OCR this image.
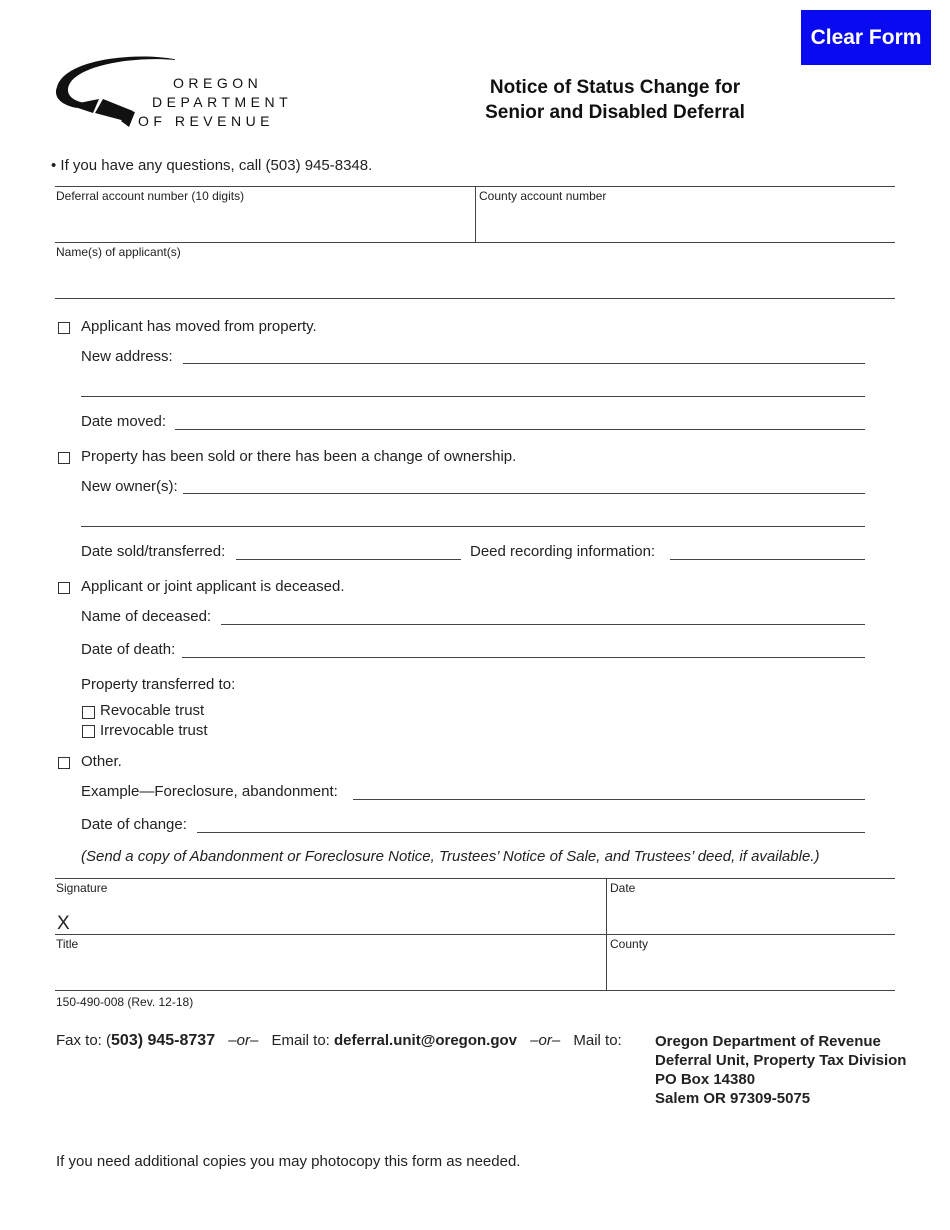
Clear Form
OREGON
DEPARTMENT
OF REVENUE
Notice of Status Change for
Senior and Disabled Deferral
• If you have any questions, call (503) 945-8348.
Deferral account number (10 digits)	County account number
Name(s) of applicant(s)
Applicant has moved from property.
New address:
Date moved:
Property has been sold or there has been a change of ownership.
New owner(s):
Date sold/transferred:	Deed recording information:
Applicant or joint applicant is deceased.
Name of deceased:
Date of death:
Property transferred to:
Revocable trust
Irrevocable trust
Other.
Example—Foreclosure, abandonment:
Date of change:
(Send a copy of Abandonment or Foreclosure Notice, Trustees’ Notice of Sale, and Trustees’ deed, if available.)
Signature
X
Date
Title	County
150-490-008 (Rev. 12-18)
Fax to: (503) 945-8737 –or– Email to: deferral.unit@oregon.gov –or– Mail to: Oregon Department of Revenue
Deferral Unit, Property Tax Division
PO Box 14380
Salem OR 97309-5075
If you need additional copies you may photocopy this form as needed.
